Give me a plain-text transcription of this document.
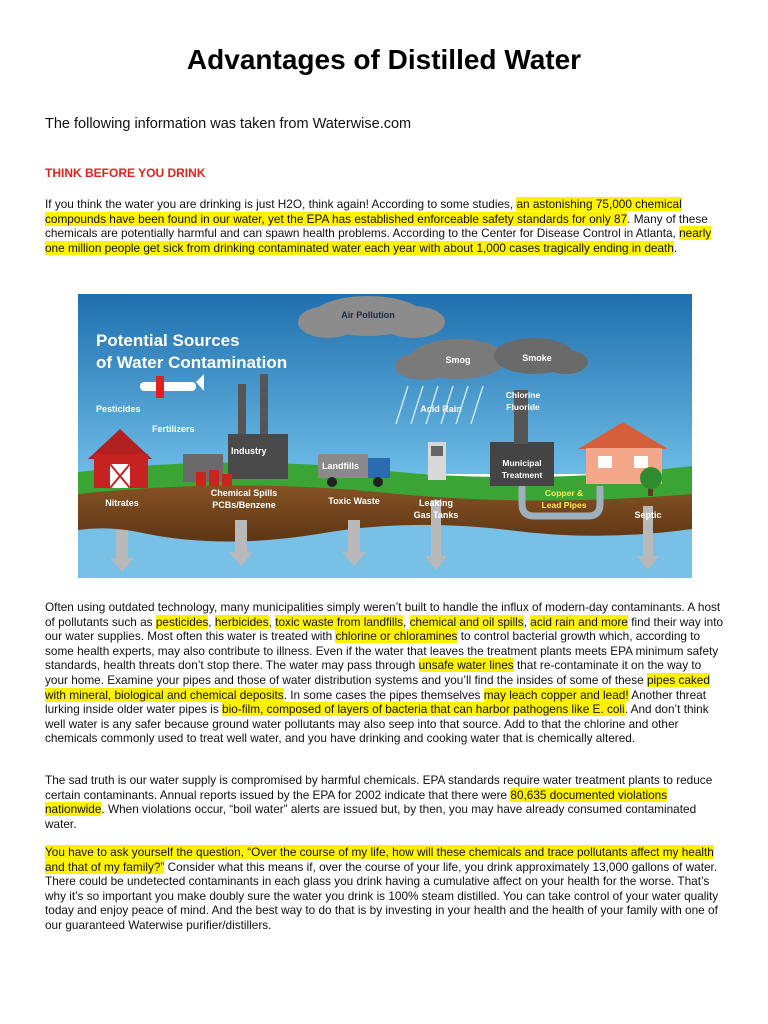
Advantages of Distilled Water

The following information was taken from Waterwise.com

THINK BEFORE YOU DRINK

If you think the water you are drinking is just H2O, think again! According to some studies, an astonishing 75,000 chemical compounds have been found in our water, yet the EPA has established enforceable safety standards for only 87. Many of these chemicals are potentially harmful and can spawn health problems. According to the Center for Disease Control in Atlanta, nearly one million people get sick from drinking contaminated water each year with about 1,000 cases tragically ending in death.

Potential Sources
of Water Contamination
Air Pollution
Smog	Smoke
Acid Rain
Chlorine
Fluoride
Pesticides
Fertilizers
Industry
Landfills	Municipal
Treatment
Nitrates
Chemical Spills
PCBs/Benzene	Toxic Waste	Leaking
Gas Tanks
Copper &
Lead Pipes
Septic

Often using outdated technology, many municipalities simply weren’t built to handle the influx of modern-day contaminants. A host of pollutants such as pesticides, herbicides, toxic waste from landfills, chemical and oil spills, acid rain and more find their way into our water supplies. Most often this water is treated with chlorine or chloramines to control bacterial growth which, according to some health experts, may also contribute to illness. Even if the water that leaves the treatment plants meets EPA minimum safety standards, health threats don’t stop there. The water may pass through unsafe water lines that re-contaminate it on the way to your home. Examine your pipes and those of water distribution systems and you’ll find the insides of some of these pipes caked with mineral, biological and chemical deposits. In some cases the pipes themselves may leach copper and lead! Another threat lurking inside older water pipes is bio-film, composed of layers of bacteria that can harbor pathogens like E. coli. And don’t think well water is any safer because ground water pollutants may also seep into that source. Add to that the chlorine and other chemicals commonly used to treat well water, and you have drinking and cooking water that is chemically altered.

The sad truth is our water supply is compromised by harmful chemicals. EPA standards require water treatment plants to reduce certain contaminants. Annual reports issued by the EPA for 2002 indicate that there were 80,635 documented violations nationwide. When violations occur, “boil water” alerts are issued but, by then, you may have already consumed contaminated water.

You have to ask yourself the question, “Over the course of my life, how will these chemicals and trace pollutants affect my health and that of my family?” Consider what this means if, over the course of your life, you drink approximately 13,000 gallons of water. There could be undetected contaminants in each glass you drink having a cumulative affect on your health for the worse. That’s why it’s so important you make doubly sure the water you drink is 100% steam distilled. You can take control of your water quality today and enjoy peace of mind. And the best way to do that is by investing in your health and the health of your family with one of our guaranteed Waterwise purifier/distillers.
